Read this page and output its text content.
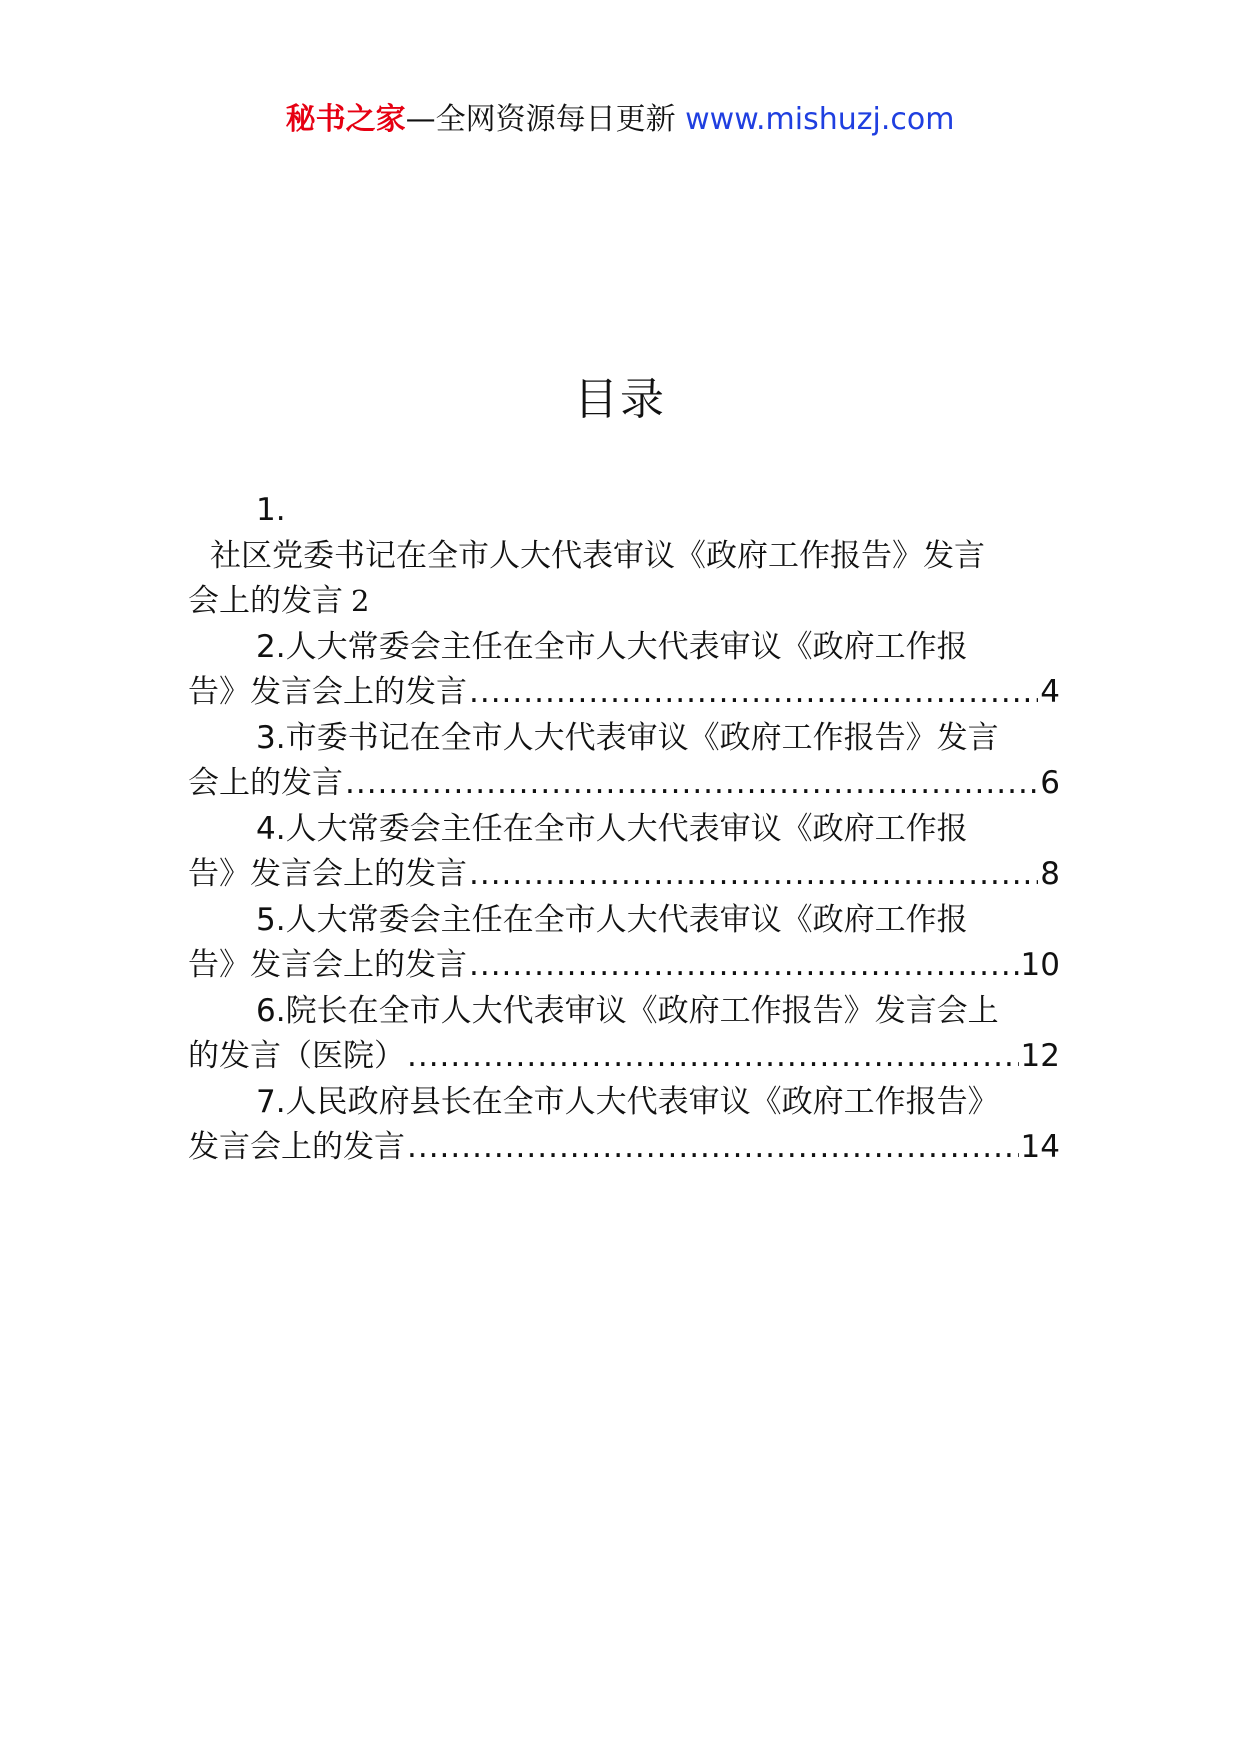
秘书之家—全网资源每日更新 www.mishuzj.com
目录
1.
社区党委书记在全市人大代表审议《政府工作报告》发言
会上的发言 2
2.人大常委会主任在全市人大代表审议《政府工作报
告》发言会上的发言 .....	4
3.市委书记在全市人大代表审议《政府工作报告》发言
会上的发言 .....	6
4.人大常委会主任在全市人大代表审议《政府工作报
告》发言会上的发言 .....	8
5.人大常委会主任在全市人大代表审议《政府工作报
告》发言会上的发言 .....	10
6.院长在全市人大代表审议《政府工作报告》发言会上
的发言（医院） .....	12
7.人民政府县长在全市人大代表审议《政府工作报告》
发言会上的发言 .....	14
